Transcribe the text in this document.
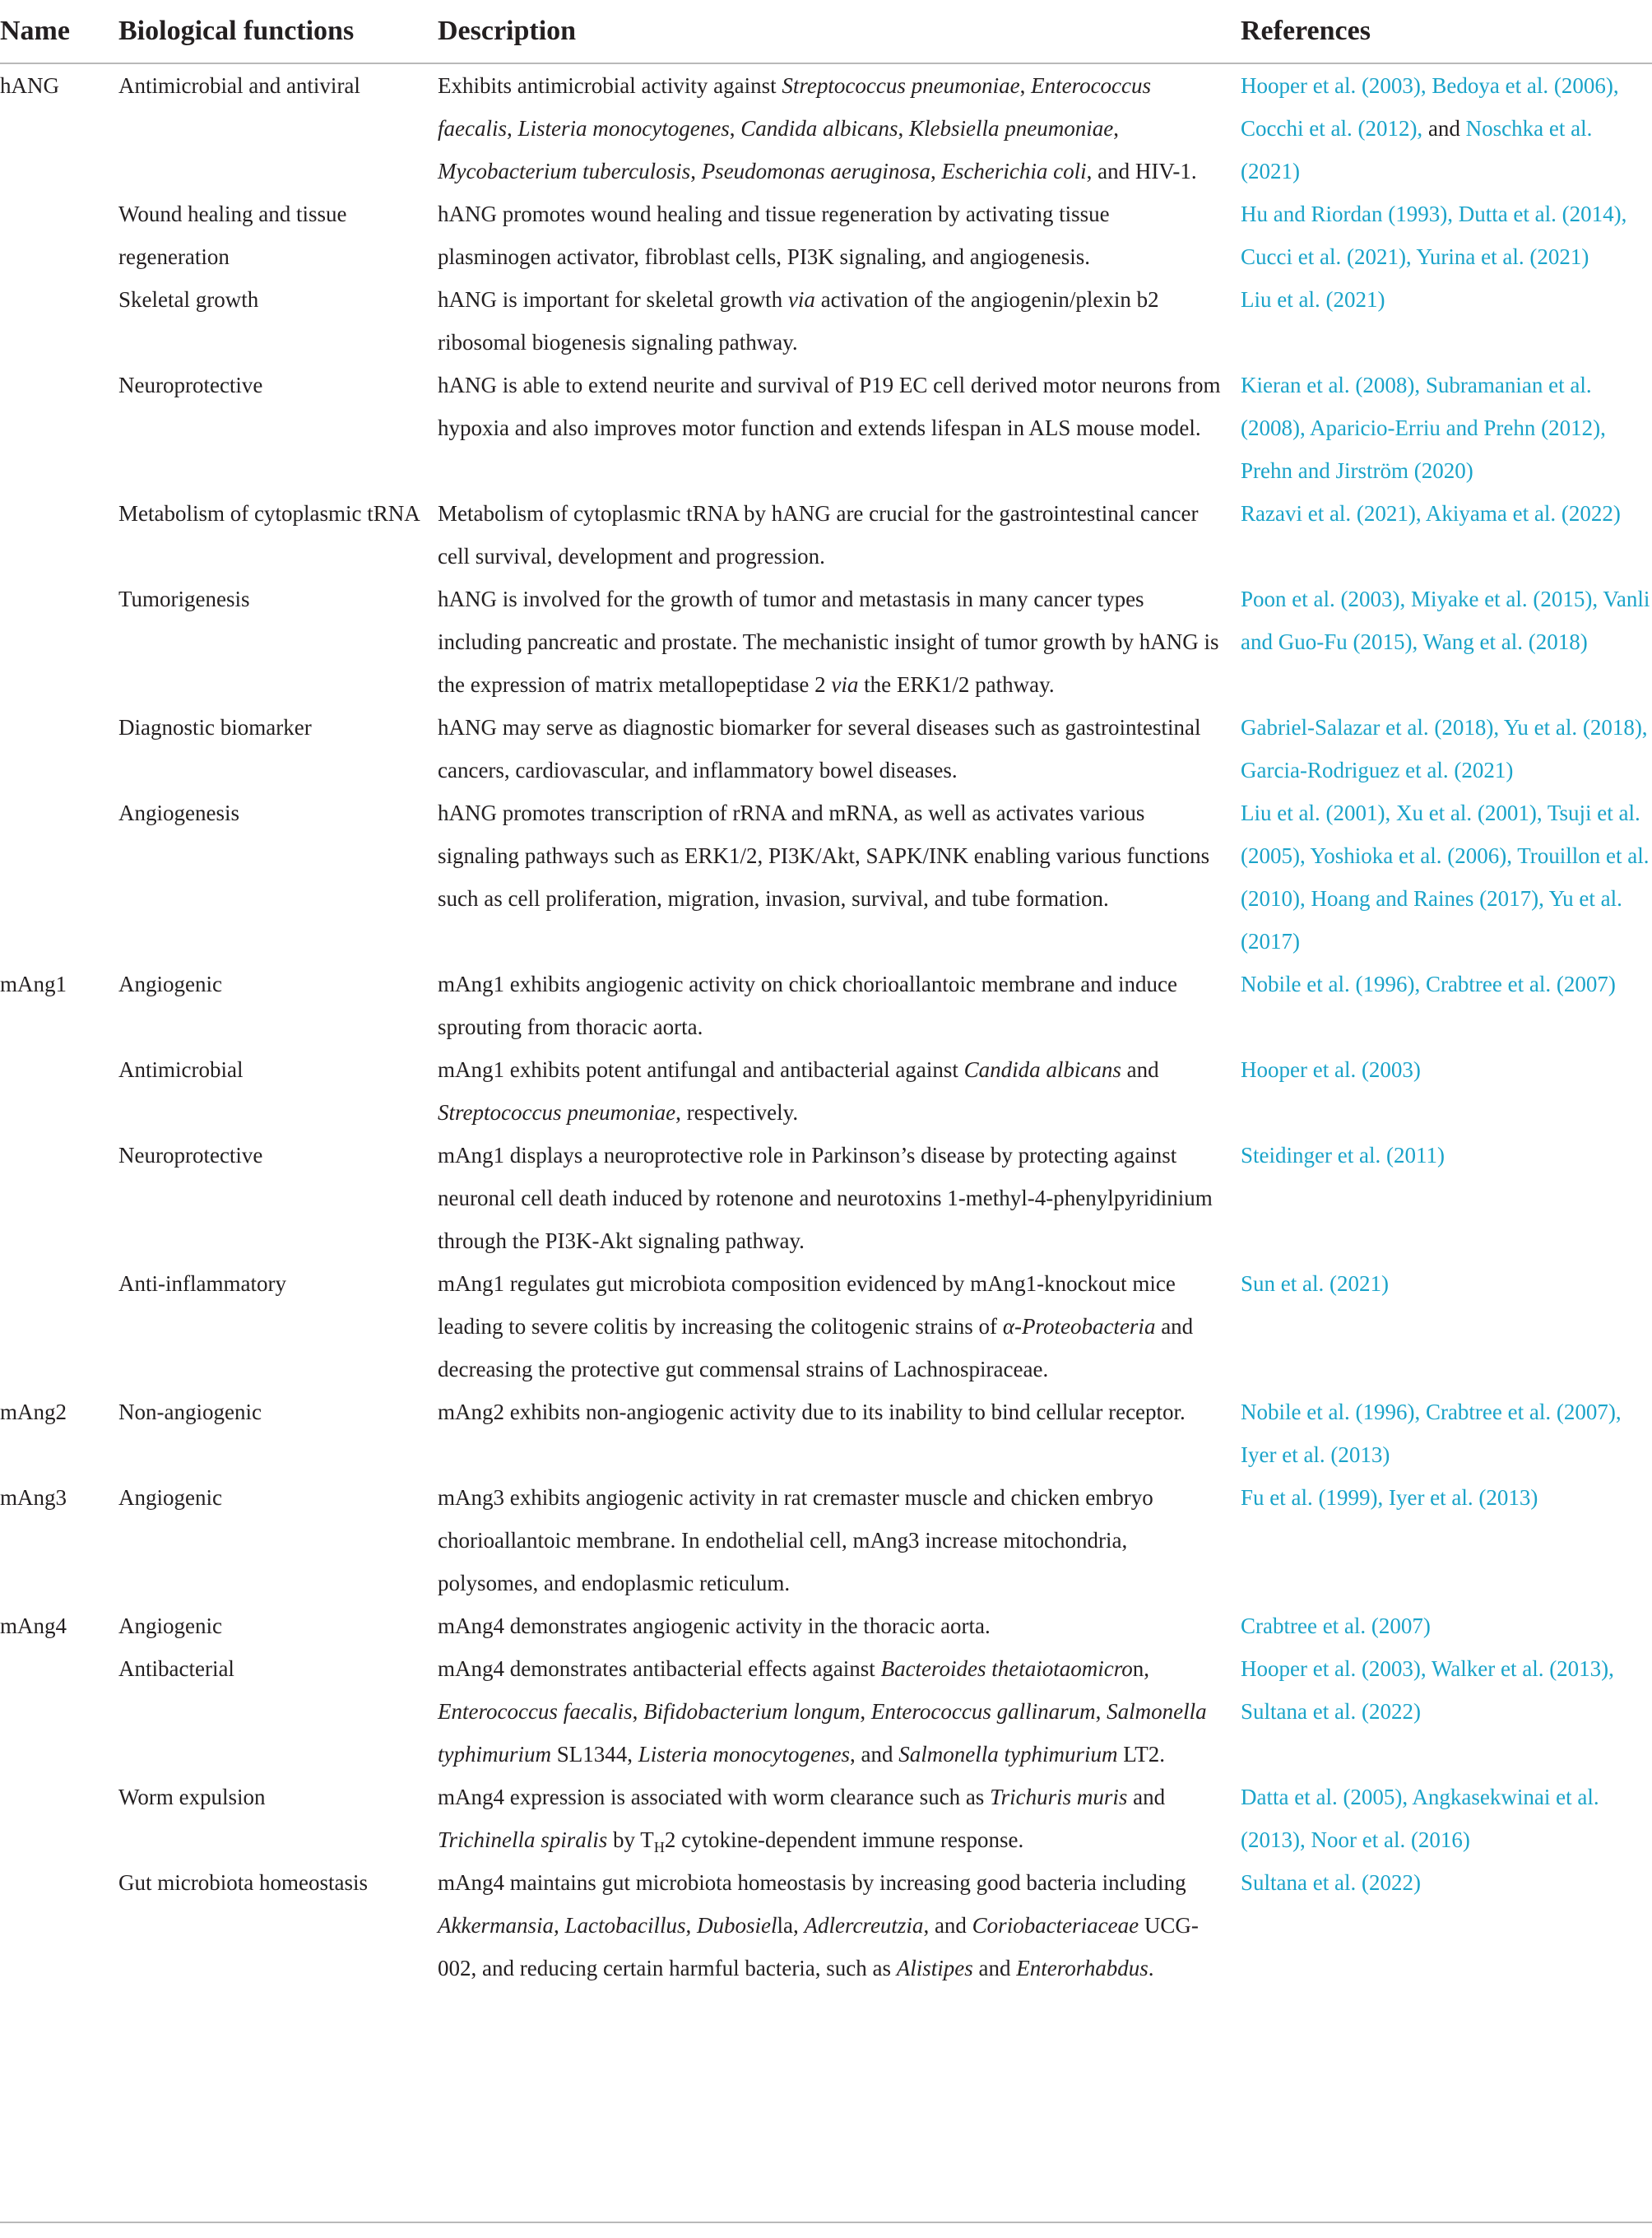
Name	Biological functions	Description	References
hANG	Antimicrobial and antiviral	Exhibits antimicrobial activity against Streptococcus pneumoniae, Enterococcus faecalis, Listeria monocytogenes, Candida albicans, Klebsiella pneumoniae, Mycobacterium tuberculosis, Pseudomonas aeruginosa, Escherichia coli, and HIV-1.	Hooper et al. (2003), Bedoya et al. (2006), Cocchi et al. (2012), and Noschka et al. (2021)
	Wound healing and tissue regeneration	hANG promotes wound healing and tissue regeneration by activating tissue plasminogen activator, fibroblast cells, PI3K signaling, and angiogenesis.	Hu and Riordan (1993), Dutta et al. (2014), Cucci et al. (2021), Yurina et al. (2021)
	Skeletal growth	hANG is important for skeletal growth via activation of the angiogenin/plexin b2 ribosomal biogenesis signaling pathway.	Liu et al. (2021)
	Neuroprotective	hANG is able to extend neurite and survival of P19 EC cell derived motor neurons from hypoxia and also improves motor function and extends lifespan in ALS mouse model.	Kieran et al. (2008), Subramanian et al. (2008), Aparicio-Erriu and Prehn (2012), Prehn and Jirström (2020)
	Metabolism of cytoplasmic tRNA	Metabolism of cytoplasmic tRNA by hANG are crucial for the gastrointestinal cancer cell survival, development and progression.	Razavi et al. (2021), Akiyama et al. (2022)
	Tumorigenesis	hANG is involved for the growth of tumor and metastasis in many cancer types including pancreatic and prostate. The mechanistic insight of tumor growth by hANG is the expression of matrix metallopeptidase 2 via the ERK1/2 pathway.	Poon et al. (2003), Miyake et al. (2015), Vanli and Guo-Fu (2015), Wang et al. (2018)
	Diagnostic biomarker	hANG may serve as diagnostic biomarker for several diseases such as gastrointestinal cancers, cardiovascular, and inflammatory bowel diseases.	Gabriel-Salazar et al. (2018), Yu et al. (2018), Garcia-Rodriguez et al. (2021)
	Angiogenesis	hANG promotes transcription of rRNA and mRNA, as well as activates various signaling pathways such as ERK1/2, PI3K/Akt, SAPK/INK enabling various functions such as cell proliferation, migration, invasion, survival, and tube formation.	Liu et al. (2001), Xu et al. (2001), Tsuji et al. (2005), Yoshioka et al. (2006), Trouillon et al. (2010), Hoang and Raines (2017), Yu et al. (2017)
mAng1	Angiogenic	mAng1 exhibits angiogenic activity on chick chorioallantoic membrane and induce sprouting from thoracic aorta.	Nobile et al. (1996), Crabtree et al. (2007)
	Antimicrobial	mAng1 exhibits potent antifungal and antibacterial against Candida albicans and Streptococcus pneumoniae, respectively.	Hooper et al. (2003)
	Neuroprotective	mAng1 displays a neuroprotective role in Parkinson’s disease by protecting against neuronal cell death induced by rotenone and neurotoxins 1-methyl-4-phenylpyridinium through the PI3K-Akt signaling pathway.	Steidinger et al. (2011)
	Anti-inflammatory	mAng1 regulates gut microbiota composition evidenced by mAng1-knockout mice leading to severe colitis by increasing the colitogenic strains of α-Proteobacteria and decreasing the protective gut commensal strains of Lachnospiraceae.	Sun et al. (2021)
mAng2	Non-angiogenic	mAng2 exhibits non-angiogenic activity due to its inability to bind cellular receptor.	Nobile et al. (1996), Crabtree et al. (2007), Iyer et al. (2013)
mAng3	Angiogenic	mAng3 exhibits angiogenic activity in rat cremaster muscle and chicken embryo chorioallantoic membrane. In endothelial cell, mAng3 increase mitochondria, polysomes, and endoplasmic reticulum.	Fu et al. (1999), Iyer et al. (2013)
mAng4	Angiogenic	mAng4 demonstrates angiogenic activity in the thoracic aorta.	Crabtree et al. (2007)
	Antibacterial	mAng4 demonstrates antibacterial effects against Bacteroides thetaiotaomicron, Enterococcus faecalis, Bifidobacterium longum, Enterococcus gallinarum, Salmonella typhimurium SL1344, Listeria monocytogenes, and Salmonella typhimurium LT2.	Hooper et al. (2003), Walker et al. (2013), Sultana et al. (2022)
	Worm expulsion	mAng4 expression is associated with worm clearance such as Trichuris muris and Trichinella spiralis by $T_H2$ cytokine-dependent immune response.	Datta et al. (2005), Angkasekwinai et al. (2013), Noor et al. (2016)
	Gut microbiota homeostasis	mAng4 maintains gut microbiota homeostasis by increasing good bacteria including Akkermansia, Lactobacillus, Dubosiella, Adlercreutzia, and Coriobacteriaceae UCG-002, and reducing certain harmful bacteria, such as Alistipes and Enterorhabdus.	Sultana et al. (2022)
